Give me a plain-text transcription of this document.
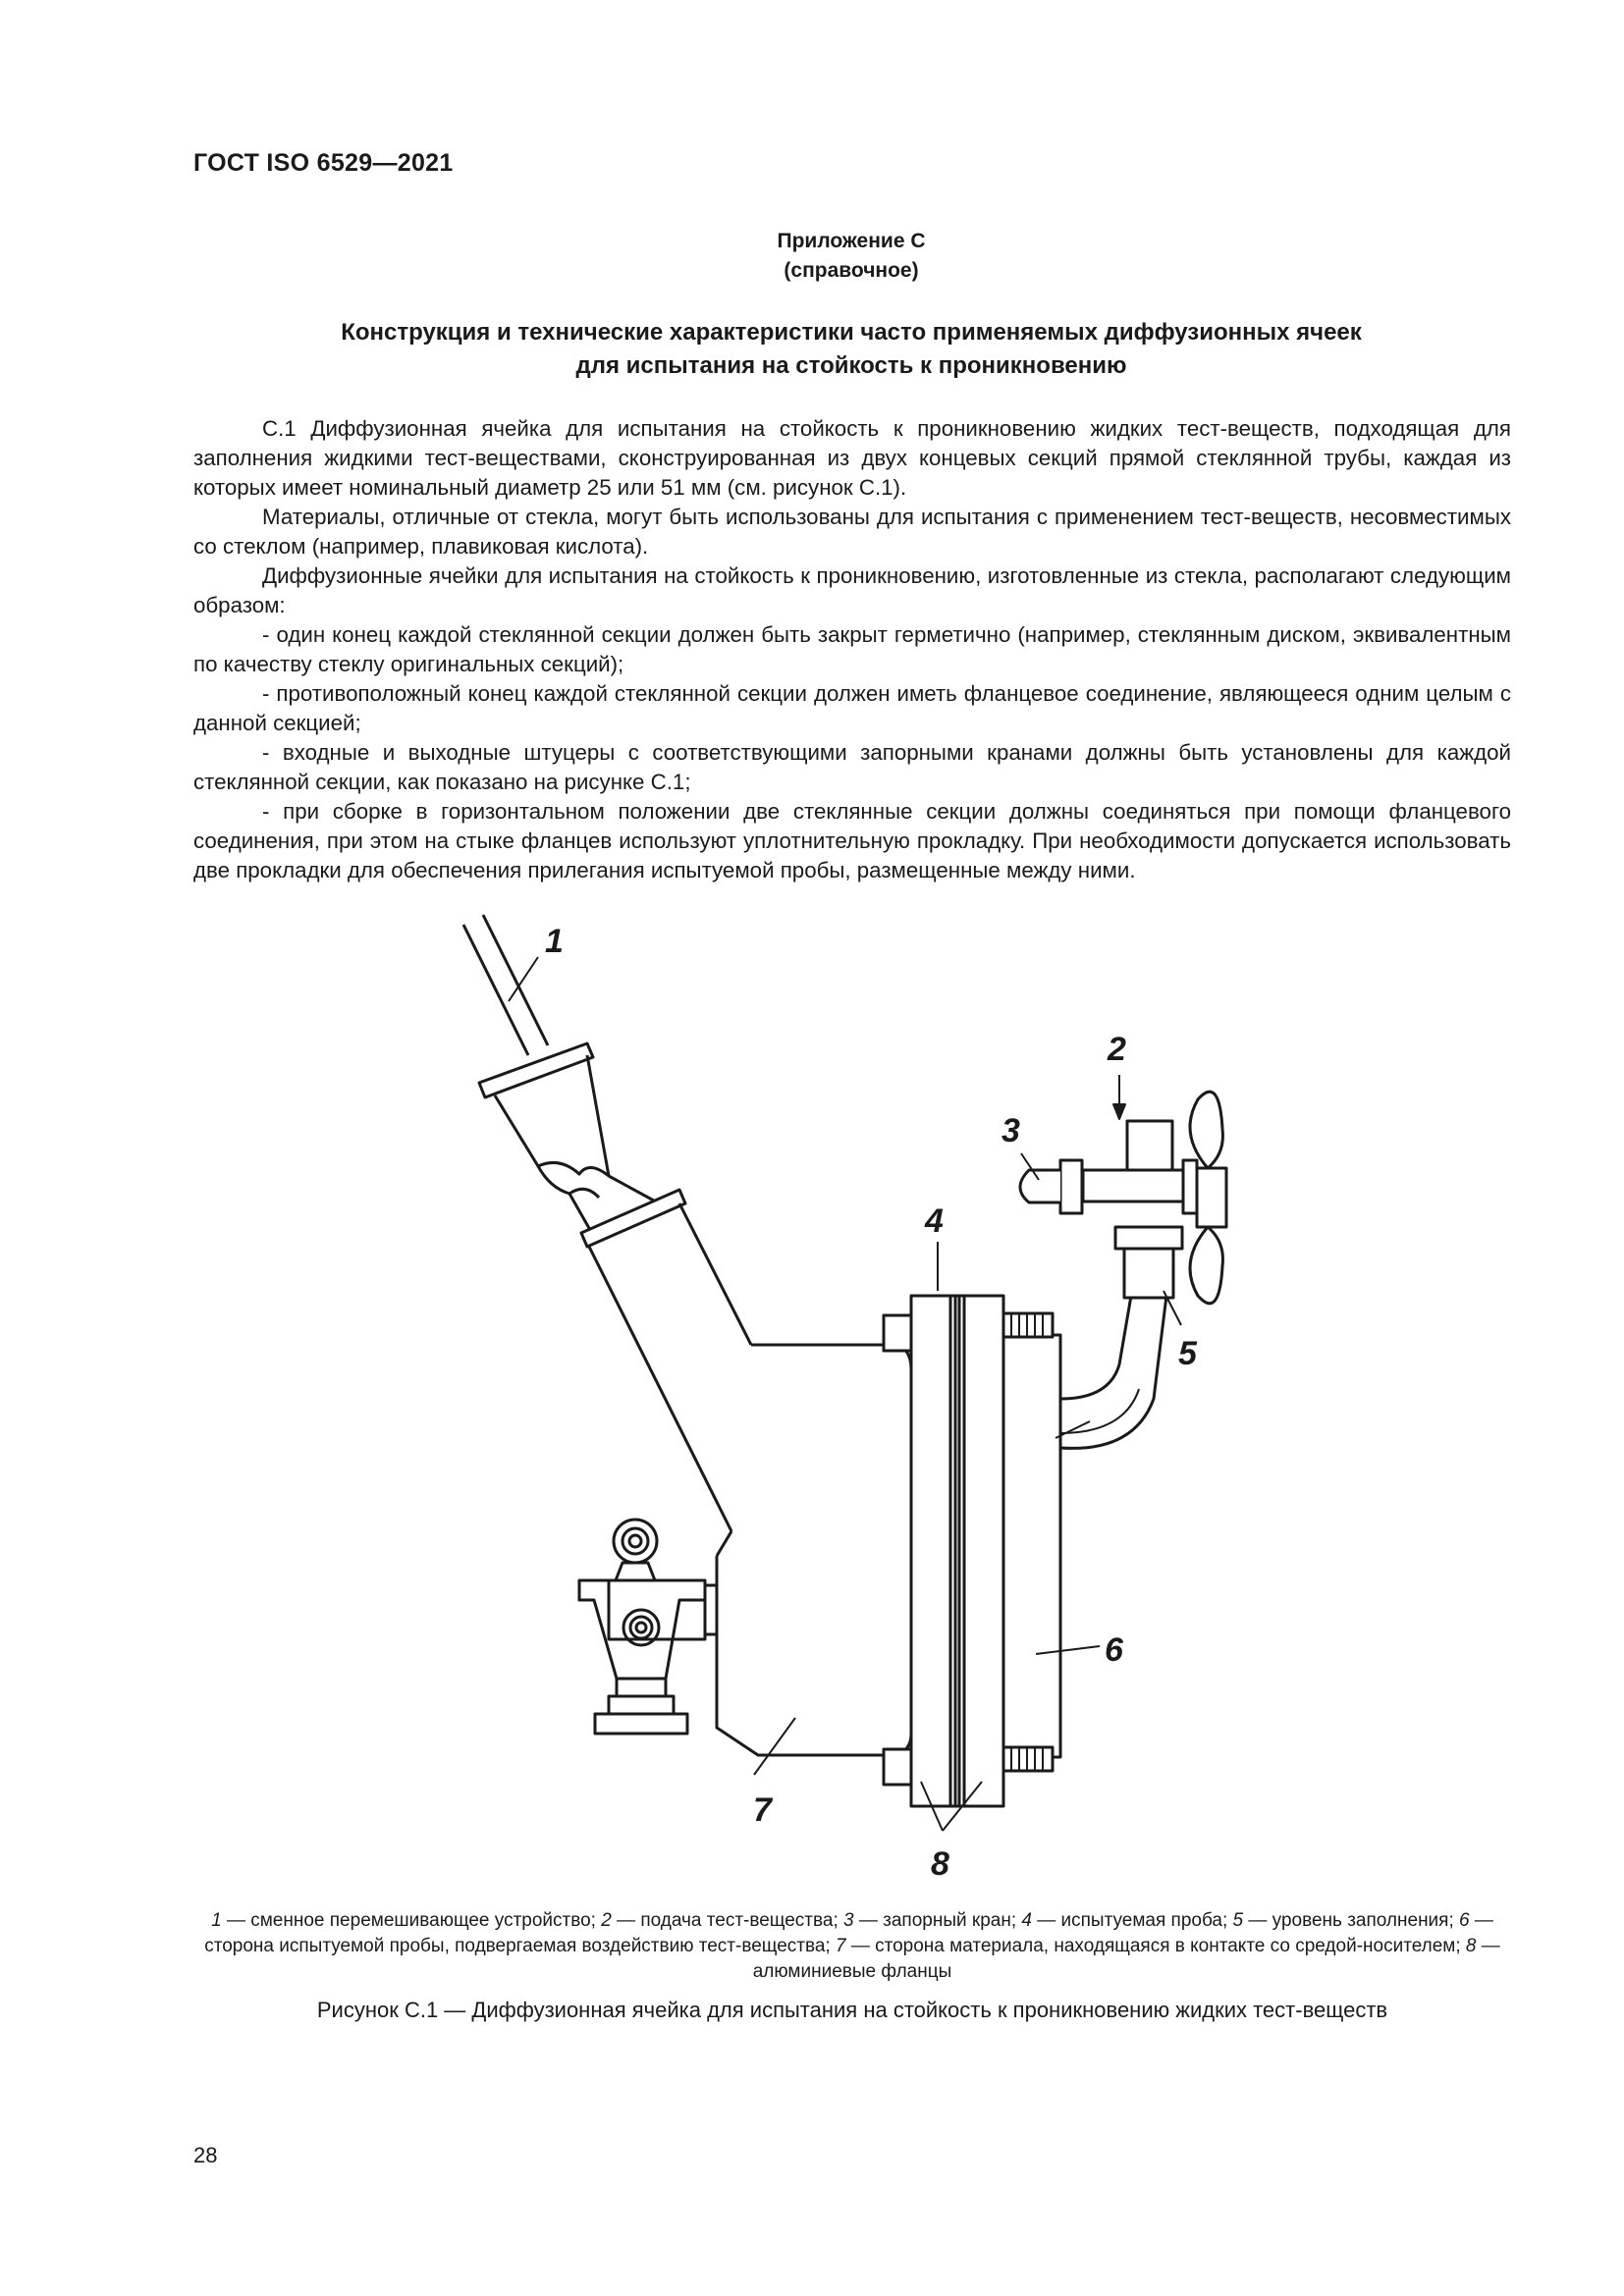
ГОСТ ISO 6529—2021
Приложение С
(справочное)
Конструкция и технические характеристики часто применяемых диффузионных ячеек
для испытания на стойкость к проникновению

С.1 Диффузионная ячейка для испытания на стойкость к проникновению жидких тест-веществ, подходящая для заполнения жидкими тест-веществами, сконструированная из двух концевых секций прямой стеклянной трубы, каждая из которых имеет номинальный диаметр 25 или 51 мм (см. рисунок С.1).

Материалы, отличные от стекла, могут быть использованы для испытания с применением тест-веществ, несовместимых со стеклом (например, плавиковая кислота).

Диффузионные ячейки для испытания на стойкость к проникновению, изготовленные из стекла, располагают следующим образом:

- один конец каждой стеклянной секции должен быть закрыт герметично (например, стеклянным диском, эквивалентным по качеству стеклу оригинальных секций);

- противоположный конец каждой стеклянной секции должен иметь фланцевое соединение, являющееся одним целым с данной секцией;

- входные и выходные штуцеры с соответствующими запорными кранами должны быть установлены для каждой стеклянной секции, как показано на рисунке С.1;

- при сборке в горизонтальном положении две стеклянные секции должны соединяться при помощи фланцевого соединения, при этом на стыке фланцев используют уплотнительную прокладку. При необходимости допускается использовать две прокладки для обеспечения прилегания испытуемой пробы, размещенные между ними.

1
2
3
4
5
6
7
8
1 — сменное перемешивающее устройство; 2 — подача тест-вещества; 3 — запорный кран; 4 — испытуемая проба; 5 — уровень заполнения; 6 — сторона испытуемой пробы, подвергаемая воздействию тест-вещества; 7 — сторона материала, находящаяся в контакте со средой-носителем; 8 — алюминиевые фланцы
Рисунок С.1 — Диффузионная ячейка для испытания на стойкость к проникновению жидких тест-веществ
28
